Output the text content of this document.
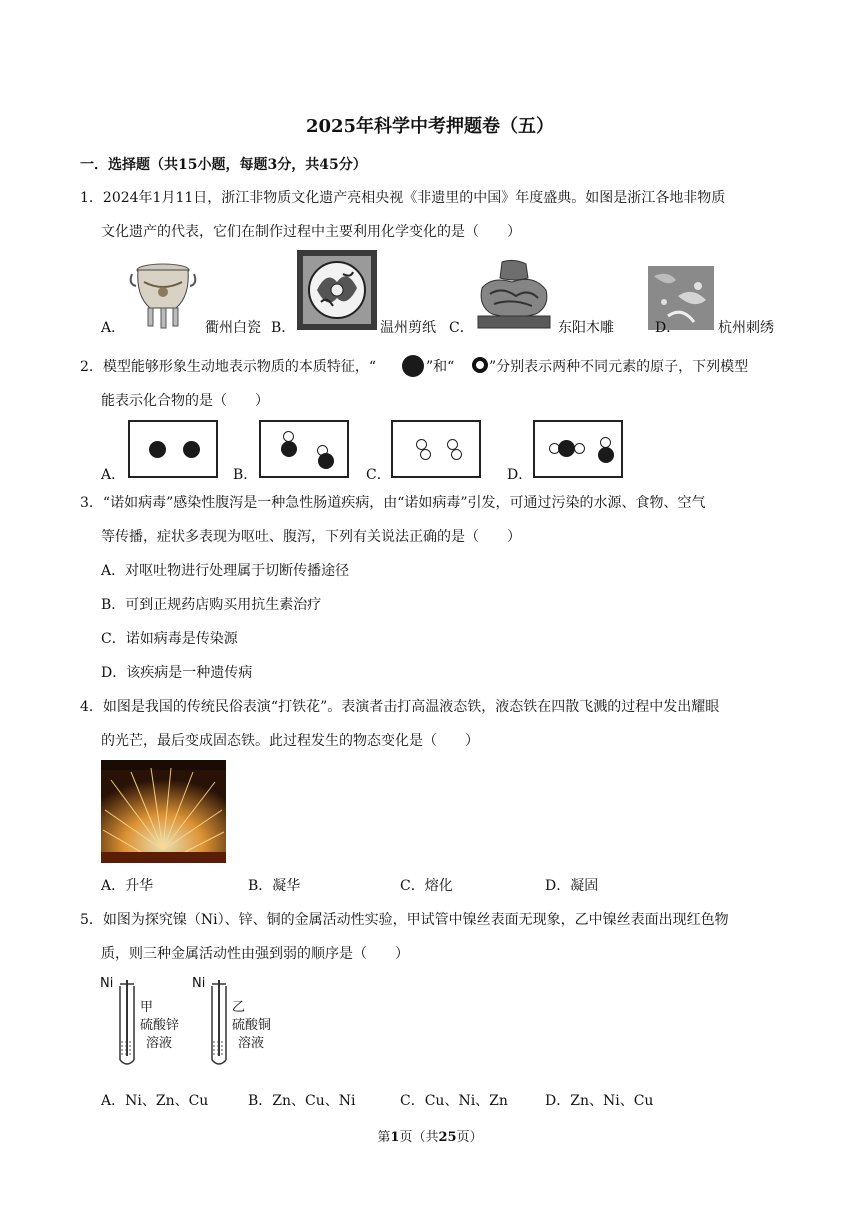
2025年科学中考押题卷（五）
一．选择题（共15小题，每题3分，共45分）
1．2024年1月11日，浙江非物质文化遗产亮相央视《非遗里的中国》年度盛典。如图是浙江各地非物质
文化遗产的代表，它们在制作过程中主要利用化学变化的是（　　）
A．	衢州白瓷 B．	温州剪纸 C．	东阳木雕	D．	杭州刺绣
2．模型能够形象生动地表示物质的本质特征，“	”和“ ”分别表示两种不同元素的原子，下列模型
能表示化合物的是（　　）
A．	B．	C．	D．
3．“诺如病毒”感染性腹泻是一种急性肠道疾病，由“诺如病毒”引发，可通过污染的水源、食物、空气
等传播，症状多表现为呕吐、腹泻，下列有关说法正确的是（　　）
A．对呕吐物进行处理属于切断传播途径
B．可到正规药店购买用抗生素治疗
C．诺如病毒是传染源
D．该疾病是一种遗传病
4．如图是我国的传统民俗表演“打铁花”。表演者击打高温液态铁，液态铁在四散飞溅的过程中发出耀眼
的光芒，最后变成固态铁。此过程发生的物态变化是（　　）
A．升华	B．凝华	C．熔化	D．凝固
5．如图为探究镍（Ni）、锌、铜的金属活动性实验，甲试管中镍丝表面无现象，乙中镍丝表面出现红色物
质，则三种金属活动性由强到弱的顺序是（　　）
Ni
甲
硫酸锌
溶液
Ni
乙
硫酸铜
溶液
A．Ni、Zn、Cu	B．Zn、Cu、Ni	C．Cu、Ni、Zn	D．Zn、Ni、Cu
第1页（共25页）
